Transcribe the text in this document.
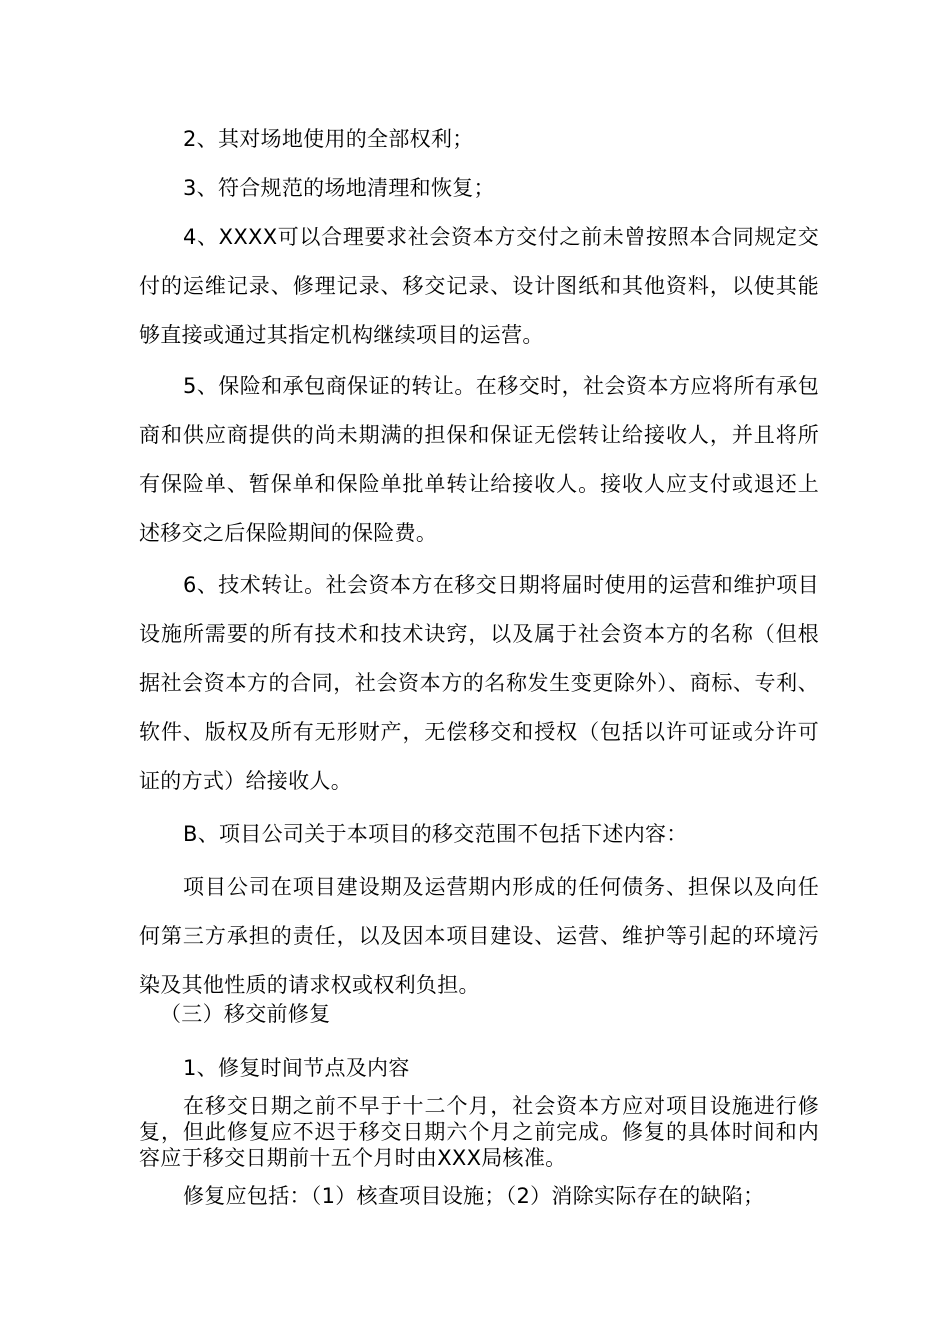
2、其对场地使用的全部权利；

3、符合规范的场地清理和恢复；

4、XXXX可以合理要求社会资本方交付之前未曾按照本合同规定交付的运维记录、修理记录、移交记录、设计图纸和其他资料，以使其能够直接或通过其指定机构继续项目的运营。

5、保险和承包商保证的转让。在移交时，社会资本方应将所有承包商和供应商提供的尚未期满的担保和保证无偿转让给接收人，并且将所有保险单、暂保单和保险单批单转让给接收人。接收人应支付或退还上述移交之后保险期间的保险费。

6、技术转让。社会资本方在移交日期将届时使用的运营和维护项目设施所需要的所有技术和技术诀窍，以及属于社会资本方的名称（但根据社会资本方的合同，社会资本方的名称发生变更除外）、商标、专利、软件、版权及所有无形财产，无偿移交和授权（包括以许可证或分许可证的方式）给接收人。

B、项目公司关于本项目的移交范围不包括下述内容：

项目公司在项目建设期及运营期内形成的任何债务、担保以及向任何第三方承担的责任，以及因本项目建设、运营、维护等引起的环境污染及其他性质的请求权或权利负担。

（三）移交前修复

1、修复时间节点及内容

在移交日期之前不早于十二个月，社会资本方应对项目设施进行修复，但此修复应不迟于移交日期六个月之前完成。修复的具体时间和内容应于移交日期前十五个月时由XXX局核准。

修复应包括：（1）核查项目设施；（2）消除实际存在的缺陷；
